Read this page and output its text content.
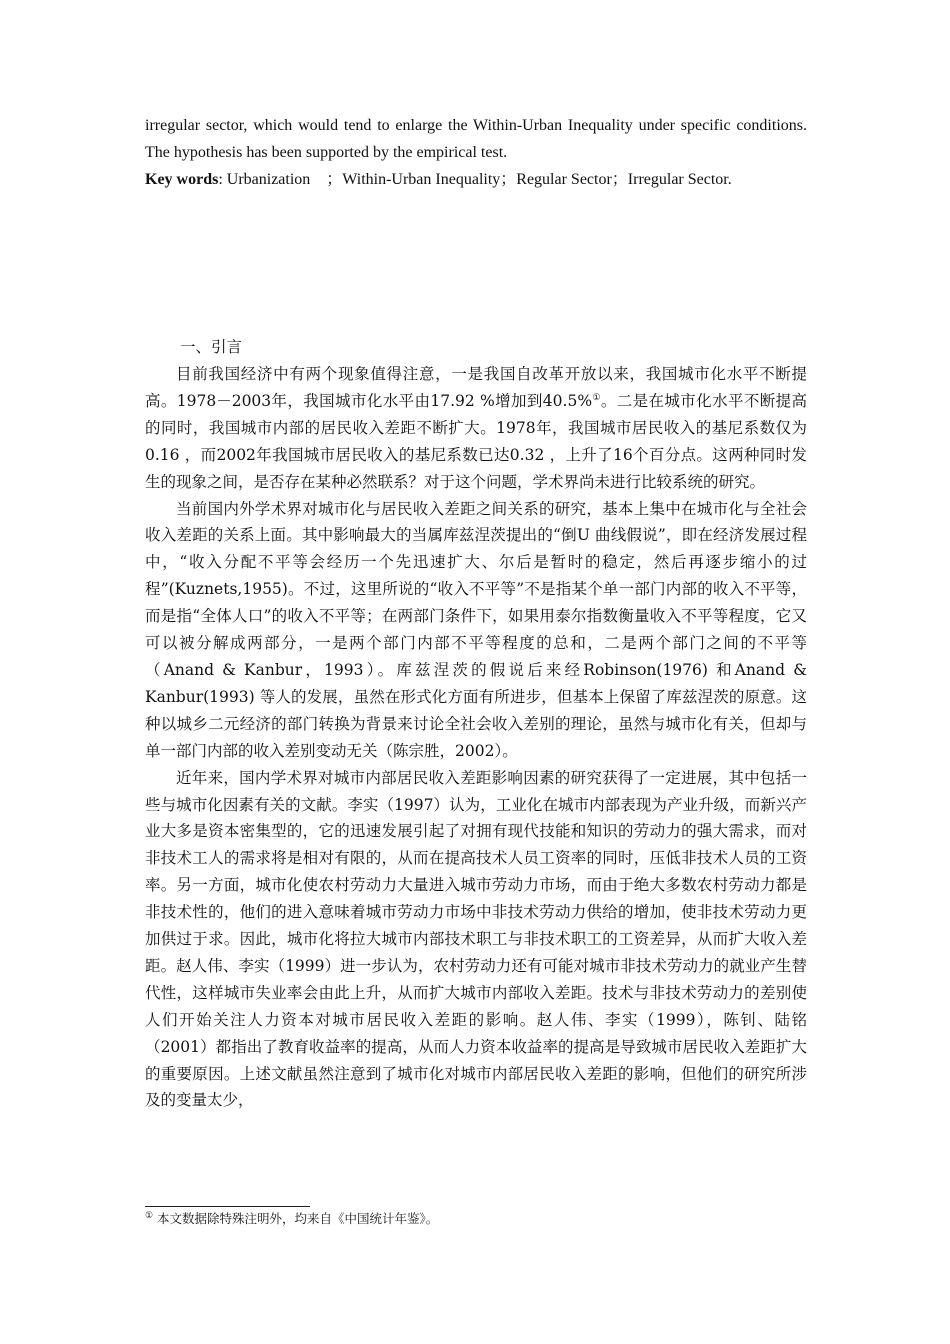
irregular sector, which would tend to enlarge the Within-Urban Inequality under specific conditions. The hypothesis has been supported by the empirical test.

Key words: Urbanization　；Within-Urban Inequality；Regular Sector；Irregular Sector.

一、引言

目前我国经济中有两个现象值得注意，一是我国自改革开放以来，我国城市化水平不断提高。1978－2003年，我国城市化水平由17.92 %增加到40.5%①。二是在城市化水平不断提高的同时，我国城市内部的居民收入差距不断扩大。1978年，我国城市居民收入的基尼系数仅为0.16 ，而2002年我国城市居民收入的基尼系数已达0.32 ，上升了16个百分点。这两种同时发生的现象之间，是否存在某种必然联系？对于这个问题，学术界尚未进行比较系统的研究。

当前国内外学术界对城市化与居民收入差距之间关系的研究，基本上集中在城市化与全社会收入差距的关系上面。其中影响最大的当属库兹涅茨提出的“倒U 曲线假说”，即在经济发展过程中，“收入分配不平等会经历一个先迅速扩大、尔后是暂时的稳定，然后再逐步缩小的过程”(Kuznets,1955)。不过，这里所说的“收入不平等”不是指某个单一部门内部的收入不平等，而是指“全体人口”的收入不平等；在两部门条件下，如果用泰尔指数衡量收入不平等程度，它又可以被分解成两部分，一是两个部门内部不平等程度的总和，二是两个部门之间的不平等（Anand & Kanbur，1993）。库兹涅茨的假说后来经Robinson(1976) 和Anand & Kanbur(1993) 等人的发展，虽然在形式化方面有所进步，但基本上保留了库兹涅茨的原意。这种以城乡二元经济的部门转换为背景来讨论全社会收入差别的理论，虽然与城市化有关，但却与单一部门内部的收入差别变动无关（陈宗胜，2002）。

近年来，国内学术界对城市内部居民收入差距影响因素的研究获得了一定进展，其中包括一些与城市化因素有关的文献。李实（1997）认为，工业化在城市内部表现为产业升级，而新兴产业大多是资本密集型的，它的迅速发展引起了对拥有现代技能和知识的劳动力的强大需求，而对非技术工人的需求将是相对有限的，从而在提高技术人员工资率的同时，压低非技术人员的工资率。另一方面，城市化使农村劳动力大量进入城市劳动力市场，而由于绝大多数农村劳动力都是非技术性的，他们的进入意味着城市劳动力市场中非技术劳动力供给的增加，使非技术劳动力更加供过于求。因此，城市化将拉大城市内部技术职工与非技术职工的工资差异，从而扩大收入差距。赵人伟、李实（1999）进一步认为，农村劳动力还有可能对城市非技术劳动力的就业产生替代性，这样城市失业率会由此上升，从而扩大城市内部收入差距。技术与非技术劳动力的差别使人们开始关注人力资本对城市居民收入差距的影响。赵人伟、李实（1999），陈钊、陆铭（2001）都指出了教育收益率的提高，从而人力资本收益率的提高是导致城市居民收入差距扩大的重要原因。上述文献虽然注意到了城市化对城市内部居民收入差距的影响，但他们的研究所涉及的变量太少，

① 本文数据除特殊注明外，均来自《中国统计年鉴》。
